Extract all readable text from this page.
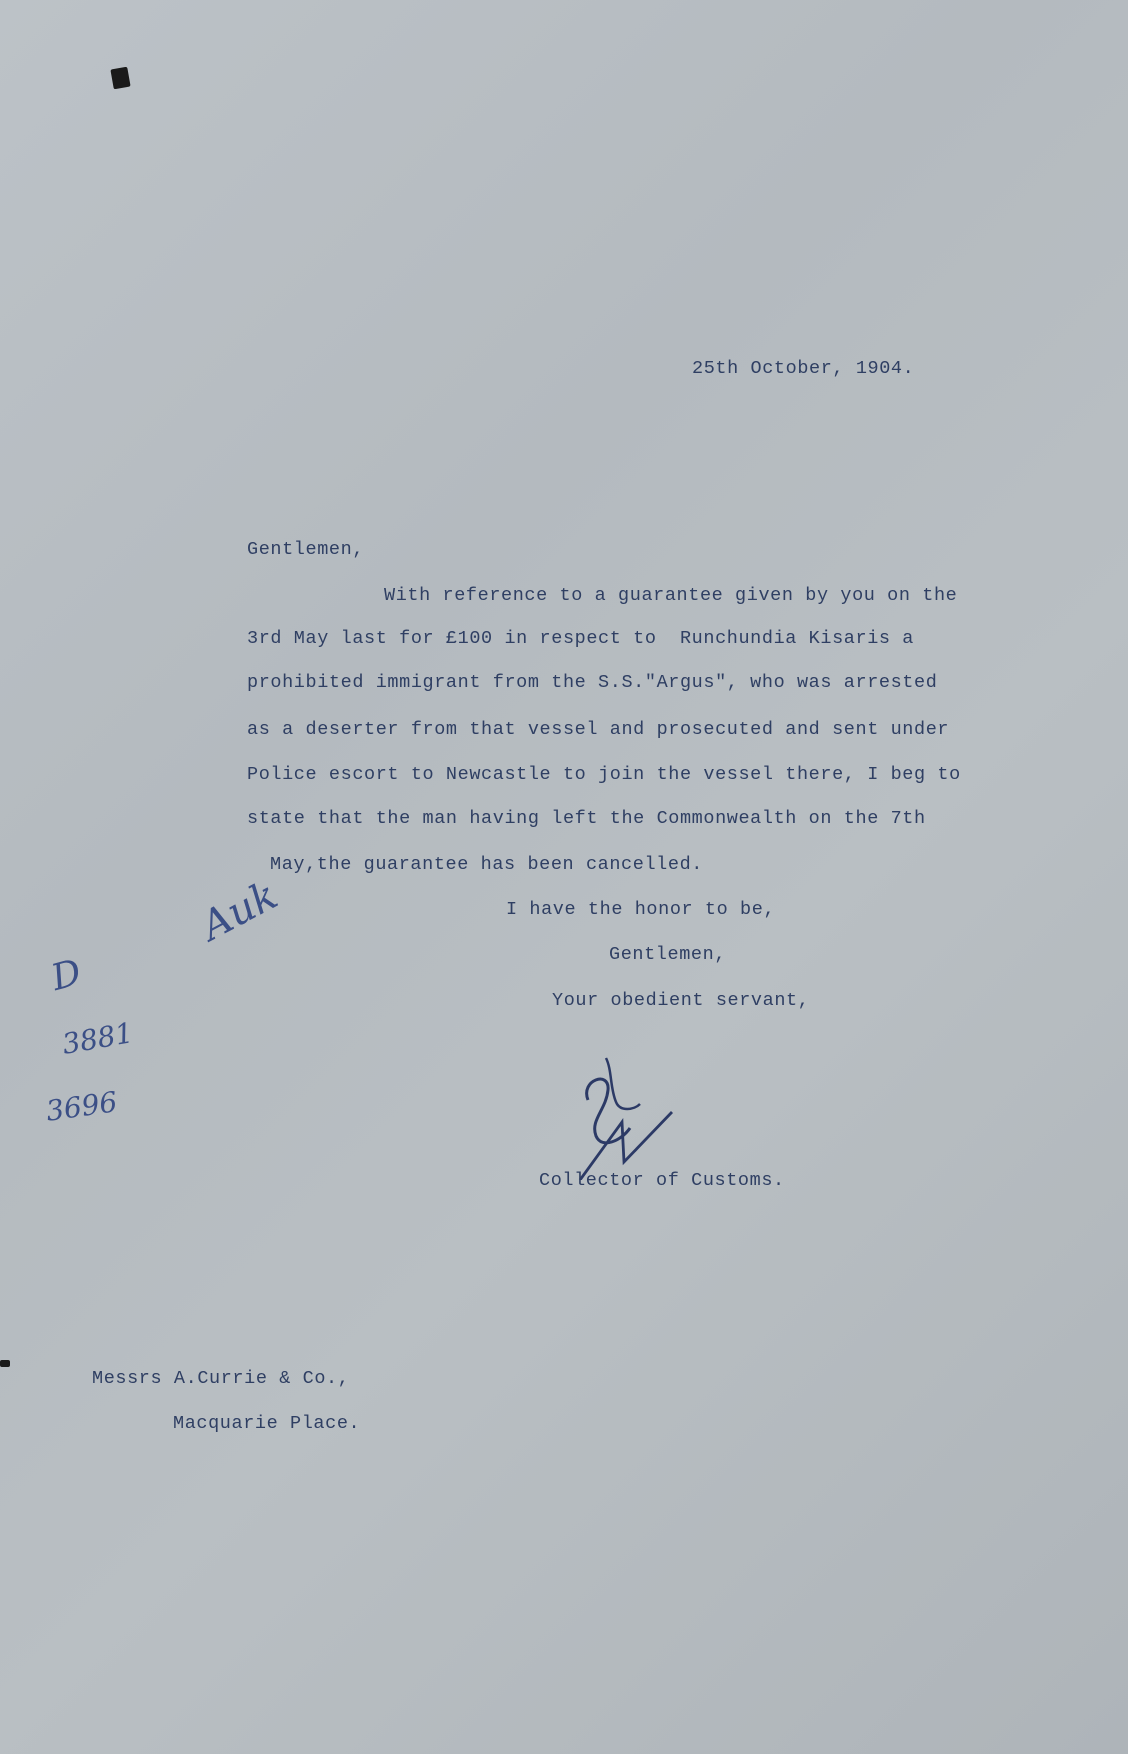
25th October, 1904.
Gentlemen,
With reference to a guarantee given by you on the
3rd May last for £100 in respect to  Runchundia Kisaris a
prohibited immigrant from the S.S."Argus", who was arrested
as a deserter from that vessel and prosecuted and sent under
Police escort to Newcastle to join the vessel there, I beg to
state that the man having left the Commonwealth on the 7th
May,the guarantee has been cancelled.
I have the honor to be,
Gentlemen,
Your obedient servant,
Collector of Customs.
Auk
D
3881
3696
Messrs A.Currie & Co.,
Macquarie Place.
